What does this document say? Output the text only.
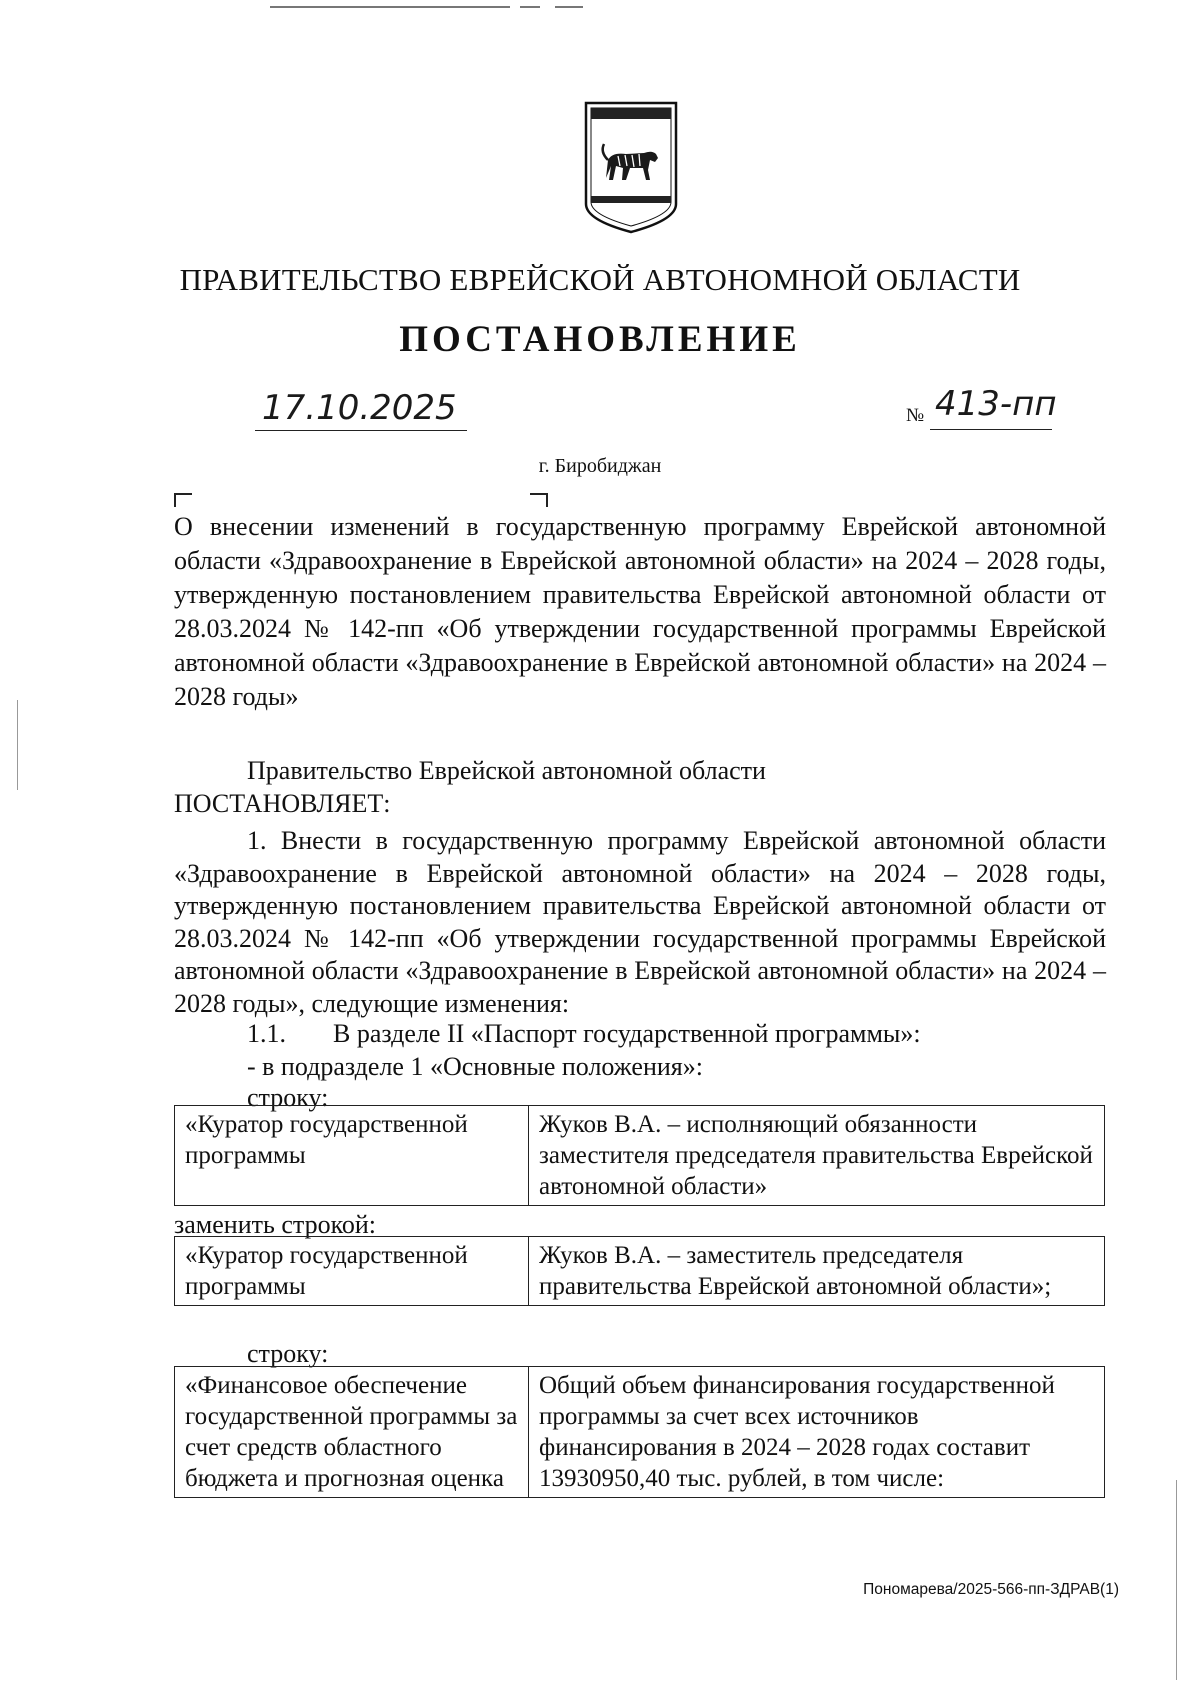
ПРАВИТЕЛЬСТВО ЕВРЕЙСКОЙ АВТОНОМНОЙ ОБЛАСТИ
ПОСТАНОВЛЕНИЕ
17.10.2025	№ 413-пп
г. Биробиджан
О внесении изменений в государственную программу Еврейской автономной области «Здравоохранение в Еврейской автономной области» на 2024 – 2028 годы, утвержденную постановлением правительства Еврейской автономной области от 28.03.2024 № 142-пп «Об утверждении государственной программы Еврейской автономной области «Здравоохранение в Еврейской автономной области» на 2024 – 2028 годы»
Правительство Еврейской автономной области
ПОСТАНОВЛЯЕТ:
1. Внести в государственную программу Еврейской автономной области «Здравоохранение в Еврейской автономной области» на 2024 – 2028 годы, утвержденную постановлением правительства Еврейской автономной области от 28.03.2024 № 142-пп «Об утверждении государственной программы Еврейской автономной области «Здравоохранение в Еврейской автономной области» на 2024 – 2028 годы», следующие изменения:
1.1. В разделе II «Паспорт государственной программы»:
- в подразделе 1 «Основные положения»:
строку:
«Куратор государственной программы	Жуков В.А. – исполняющий обязанности заместителя председателя правительства Еврейской автономной области»
заменить строкой:
«Куратор государственной программы	Жуков В.А. – заместитель председателя правительства Еврейской автономной области»;
строку:
«Финансовое обеспечение государственной программы за счет средств областного бюджета и прогнозная оценка	Общий объем финансирования государственной программы за счет всех источников финансирования в 2024 – 2028 годах составит 13930950,40 тыс. рублей, в том числе:
Пономарева/2025-566-пп-ЗДРАВ(1)
